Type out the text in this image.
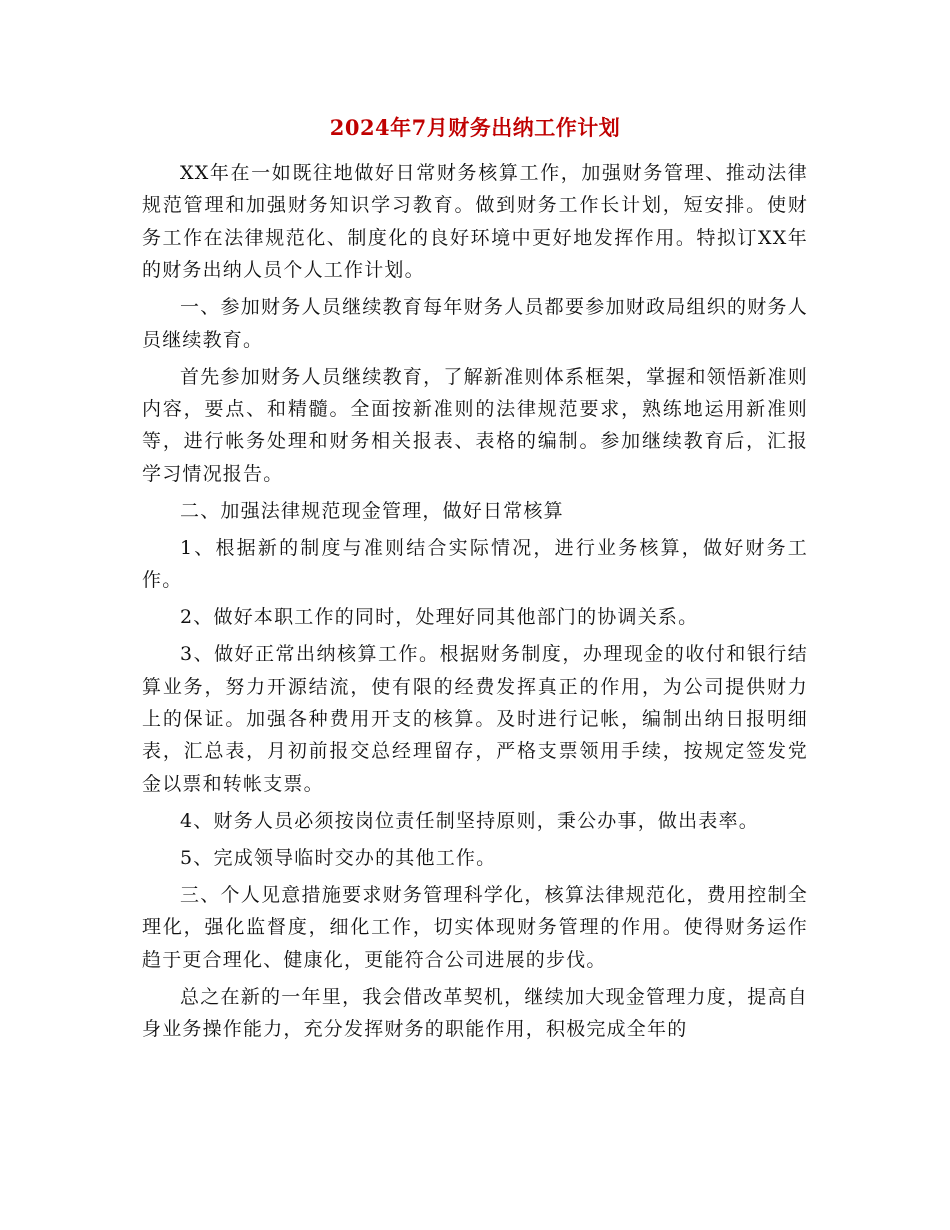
2024年7月财务出纳工作计划

XX年在一如既往地做好日常财务核算工作，加强财务管理、推动法律规范管理和加强财务知识学习教育。做到财务工作长计划，短安排。使财务工作在法律规范化、制度化的良好环境中更好地发挥作用。特拟订XX年的财务出纳人员个人工作计划。

一、参加财务人员继续教育每年财务人员都要参加财政局组织的财务人员继续教育。

首先参加财务人员继续教育，了解新准则体系框架，掌握和领悟新准则内容，要点、和精髓。全面按新准则的法律规范要求，熟练地运用新准则等，进行帐务处理和财务相关报表、表格的编制。参加继续教育后，汇报学习情况报告。

二、加强法律规范现金管理，做好日常核算

1、根据新的制度与准则结合实际情况，进行业务核算，做好财务工作。

2、做好本职工作的同时，处理好同其他部门的协调关系。

3、做好正常出纳核算工作。根据财务制度，办理现金的收付和银行结算业务，努力开源结流，使有限的经费发挥真正的作用，为公司提供财力上的保证。加强各种费用开支的核算。及时进行记帐，编制出纳日报明细表，汇总表，月初前报交总经理留存，严格支票领用手续，按规定签发党金以票和转帐支票。

4、财务人员必须按岗位责任制坚持原则，秉公办事，做出表率。

5、完成领导临时交办的其他工作。

三、个人见意措施要求财务管理科学化，核算法律规范化，费用控制全理化，强化监督度，细化工作，切实体现财务管理的作用。使得财务运作趋于更合理化、健康化，更能符合公司进展的步伐。

总之在新的一年里，我会借改革契机，继续加大现金管理力度，提高自身业务操作能力，充分发挥财务的职能作用，积极完成全年的
